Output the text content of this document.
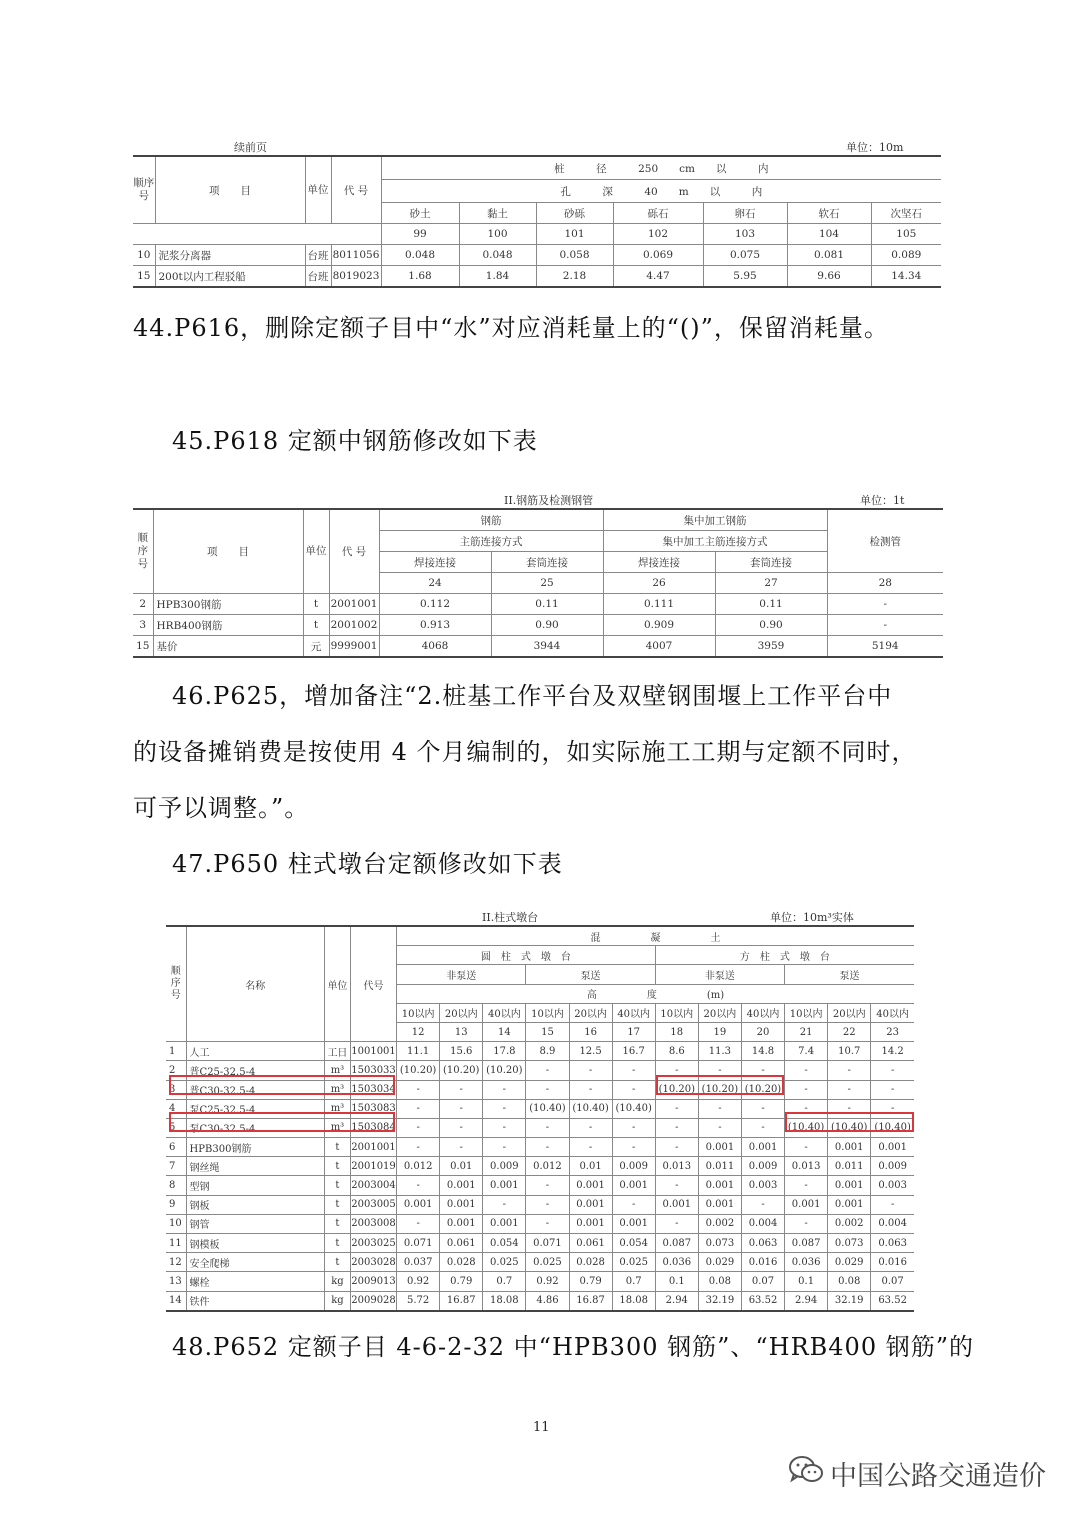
续前页	单位：10m
顺序号	项　　目	单位	代 号	桩　　　径　　　250　　cm　　以　　　内						
				孔　　　深　　　40　　m　　以　　　内						
				砂土	黏土	砂砾	砾石	卵石	软石	次坚石
				99	100	101	102	103	104	105
10	泥浆分离器	台班	8011056	0.048	0.048	0.058	0.069	0.075	0.081	0.089
15	200t以内工程驳船	台班	8019023	1.68	1.84	2.18	4.47	5.95	9.66	14.34
44.P616，删除定额子目中“水”对应消耗量上的“()”，保留消耗量。
45.P618 定额中钢筋修改如下表
II.钢筋及检测钢管	单位：1t
顺序号	项　　目	单位	代 号	钢筋		集中加工钢筋		检测管
				主筋连接方式		集中加工主筋连接方式		
				焊接连接	套筒连接	焊接连接	套筒连接	
				24	25	26	27	28
2	HPB300钢筋	t	2001001	0.112	0.11	0.111	0.11	-
3	HRB400钢筋	t	2001002	0.913	0.90	0.909	0.90	-
15	基价	元	9999001	4068	3944	4007	3959	5194
46.P625，增加备注“2.桩基工作平台及双壁钢围堰上工作平台中
的设备摊销费是按使用 4 个月编制的，如实际施工工期与定额不同时，
可予以调整。”。
47.P650 柱式墩台定额修改如下表
II.柱式墩台	单位：10m³实体
顺序号	名称	单位	代号	混　　　　　凝　　　　　土											
				圆　柱　式　墩　台						方　柱　式　墩　台					
				非泵送			泵送			非泵送			泵送		
				高　　　　　度　　　　　(m)											
				10以内	20以内	40以内	10以内	20以内	40以内	10以内	20以内	40以内	10以内	20以内	40以内
				12	13	14	15	16	17	18	19	20	21	22	23
1	人工	工日	1001001	11.1	15.6	17.8	8.9	12.5	16.7	8.6	11.3	14.8	7.4	10.7	14.2
2	普C25-32.5-4	m³	1503033	(10.20)	(10.20)	(10.20)	-	-	-	-	-	-	-	-	-
3	普C30-32.5-4	m³	1503034	-	-	-	-	-	-	(10.20)	(10.20)	(10.20)	-	-	-
4	泵C25-32.5-4	m³	1503083	-	-	-	(10.40)	(10.40)	(10.40)	-	-	-	-	-	-
5	泵C30-32.5-4	m³	1503084	-	-	-	-	-	-	-	-	-	(10.40)	(10.40)	(10.40)
6	HPB300钢筋	t	2001001	-	-	-	-	-	-	-	0.001	0.001	-	0.001	0.001
7	钢丝绳	t	2001019	0.012	0.01	0.009	0.012	0.01	0.009	0.013	0.011	0.009	0.013	0.011	0.009
8	型钢	t	2003004	-	0.001	0.001	-	0.001	0.001	-	0.001	0.003	-	0.001	0.003
9	钢板	t	2003005	0.001	0.001	-	-	0.001	-	0.001	0.001	-	0.001	0.001	-
10	钢管	t	2003008	-	0.001	0.001	-	0.001	0.001	-	0.002	0.004	-	0.002	0.004
11	钢模板	t	2003025	0.071	0.061	0.054	0.071	0.061	0.054	0.087	0.073	0.063	0.087	0.073	0.063
12	安全爬梯	t	2003028	0.037	0.028	0.025	0.025	0.028	0.025	0.036	0.029	0.016	0.036	0.029	0.016
13	螺栓	kg	2009013	0.92	0.79	0.7	0.92	0.79	0.7	0.1	0.08	0.07	0.1	0.08	0.07
14	铁件	kg	2009028	5.72	16.87	18.08	4.86	16.87	18.08	2.94	32.19	63.52	2.94	32.19	63.52
48.P652 定额子目 4-6-2-32 中“HPB300 钢筋”、“HRB400 钢筋”的
11
中国公路交通造价
